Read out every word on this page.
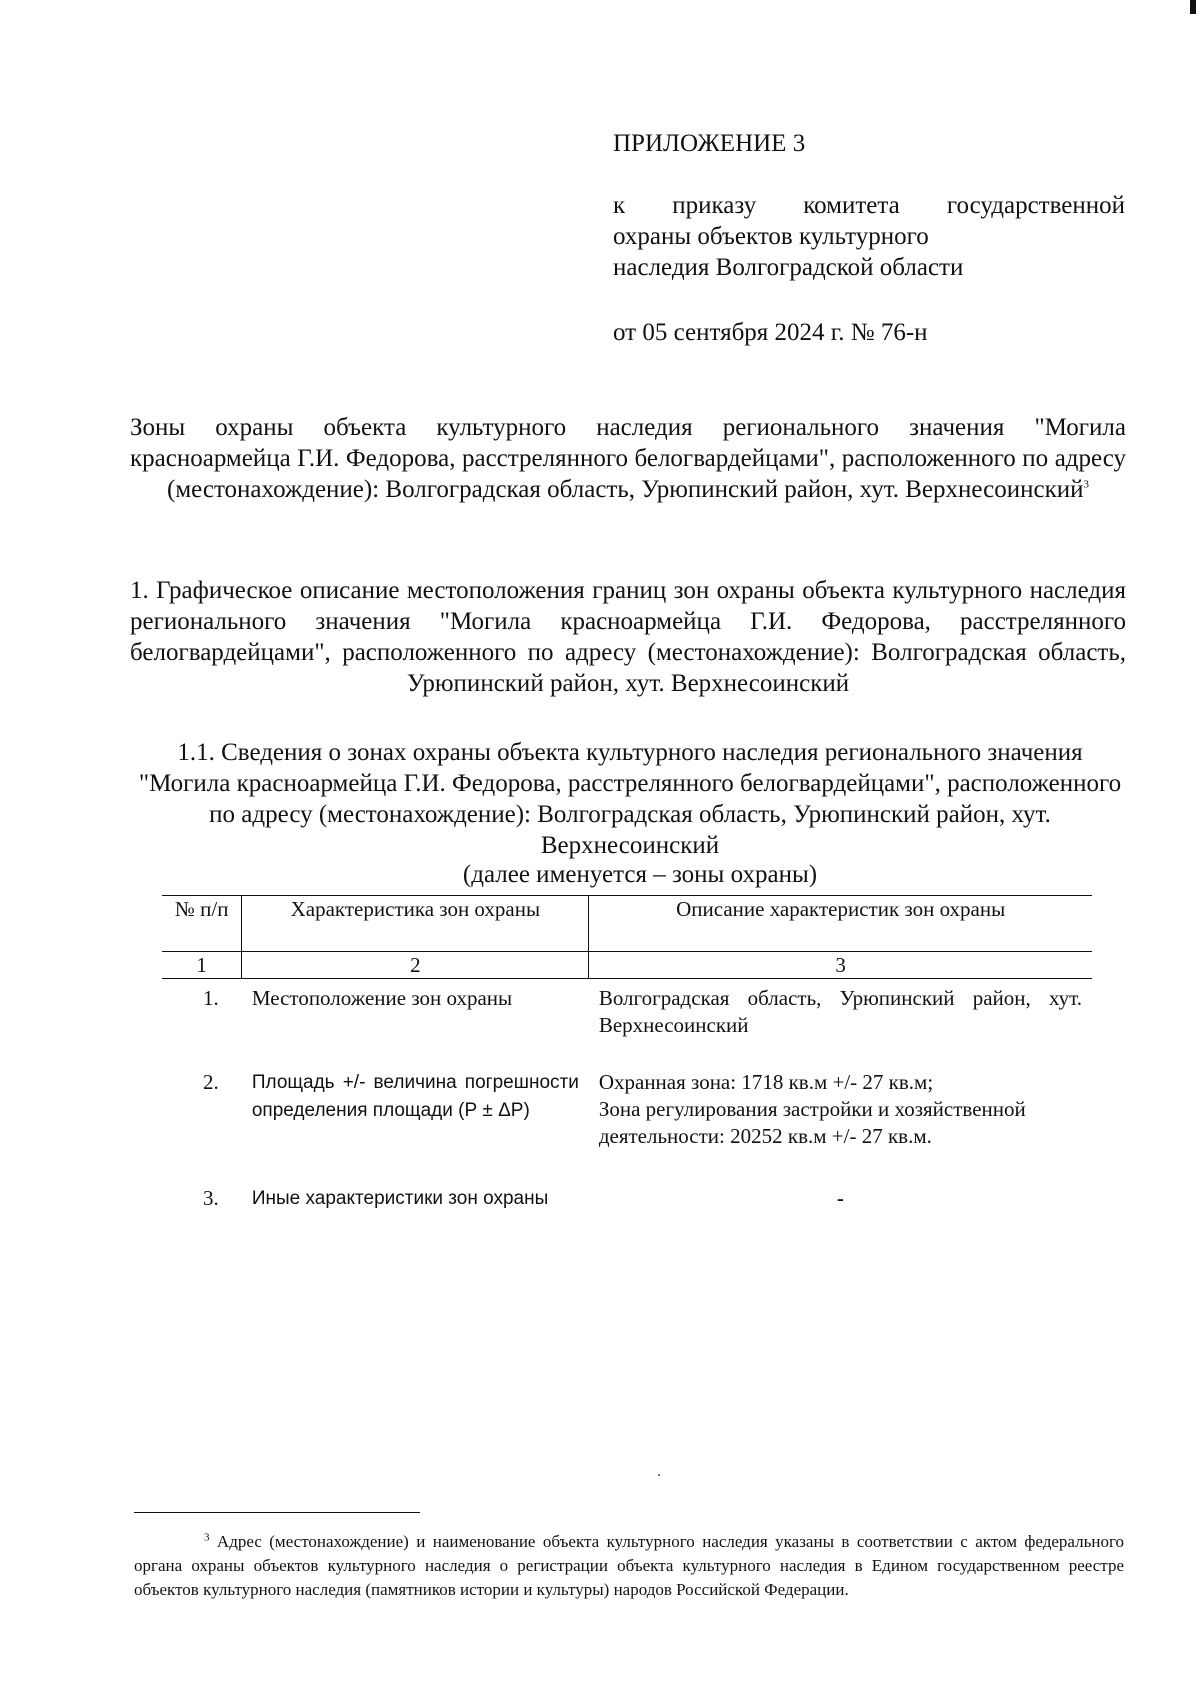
ПРИЛОЖЕНИЕ 3
к приказу комитета государственной
охраны объектов культурного
наследия Волгоградской области
от 05 сентября 2024 г. № 76-н

Зоны охраны объекта культурного наследия регионального значения "Могила красноармейца Г.И. Федорова, расстрелянного белогвардейцами", расположенного по адресу (местонахождение): Волгоградская область, Урюпинский район, хут. Верхнесоинский$^3$

1. Графическое описание местоположения границ зон охраны объекта культурного наследия регионального значения "Могила красноармейца Г.И. Федорова, расстрелянного белогвардейцами", расположенного по адресу (местонахождение): Волгоградская область, Урюпинский район, хут. Верхнесоинский

1.1. Сведения о зонах охраны объекта культурного наследия регионального значения "Могила красноармейца Г.И. Федорова, расстрелянного белогвардейцами", расположенного по адресу (местонахождение): Волгоградская область, Урюпинский район, хут. Верхнесоинский

(далее именуется – зоны охраны)

№ п/п	Характеристика зон охраны	Описание характеристик зон охраны
1	2	3
1.	Местоположение зон охраны	Волгоградская область, Урюпинский район, хут. Верхнесоинский

2.	Площадь +/- величина погрешности определения площади (Р ± ΔР)	Охранная зона: 1718 кв.м +/- 27 кв.м;
Зона регулирования застройки и хозяйственной деятельности: 20252 кв.м +/- 27 кв.м.

3.	Иные характеристики зон охраны	-

$^3$ Адрес (местонахождение) и наименование объекта культурного наследия указаны в соответствии с актом федерального органа охраны объектов культурного наследия о регистрации объекта культурного наследия в Едином государственном реестре объектов культурного наследия (памятников истории и культуры) народов Российской Федерации.
